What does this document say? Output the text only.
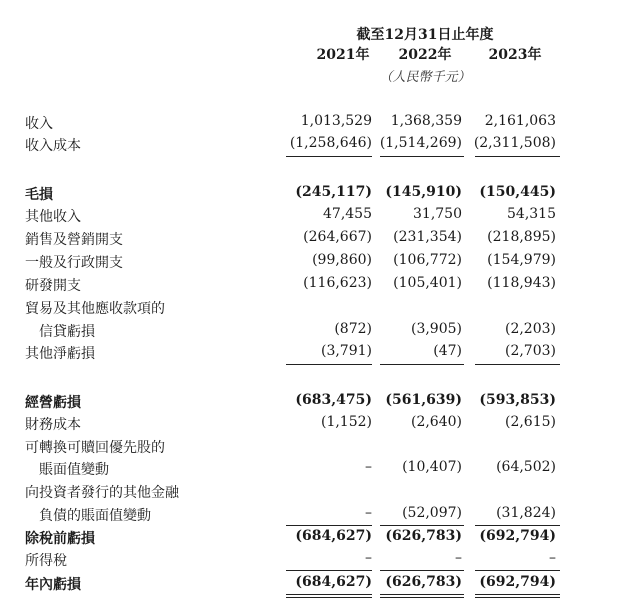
截至12月31日止年度
2021年	2022年	2023年
（人民幣千元）
收入	1,013,529	1,368,359	2,161,063
收入成本	(1,258,646) (1,514,269) (2,311,508)
毛損	(245,117) (145,910)	(150,445)
其他收入	47,455	31,750	54,315
銷售及營銷開支	(264,667)	(231,354)	(218,895)
一般及行政開支	(99,860)	(106,772)	(154,979)
研發開支	(116,623)	(105,401)	(118,943)
貿易及其他應收款項的
信貸虧損	(872)	(3,905)	(2,203)
其他淨虧損	(3,791)	(47)	(2,703)
經營虧損	(683,475) (561,639)	(593,853)
財務成本	(1,152)	(2,640)	(2,615)
可轉換可贖回優先股的
賬面值變動	–	(10,407)	(64,502)
向投資者發行的其他金融
負債的賬面值變動	–	(52,097)	(31,824)
除稅前虧損	(684,627) (626,783)	(692,794)
所得稅	–	–	–
年內虧損	(684,627) (626,783)	(692,794)
